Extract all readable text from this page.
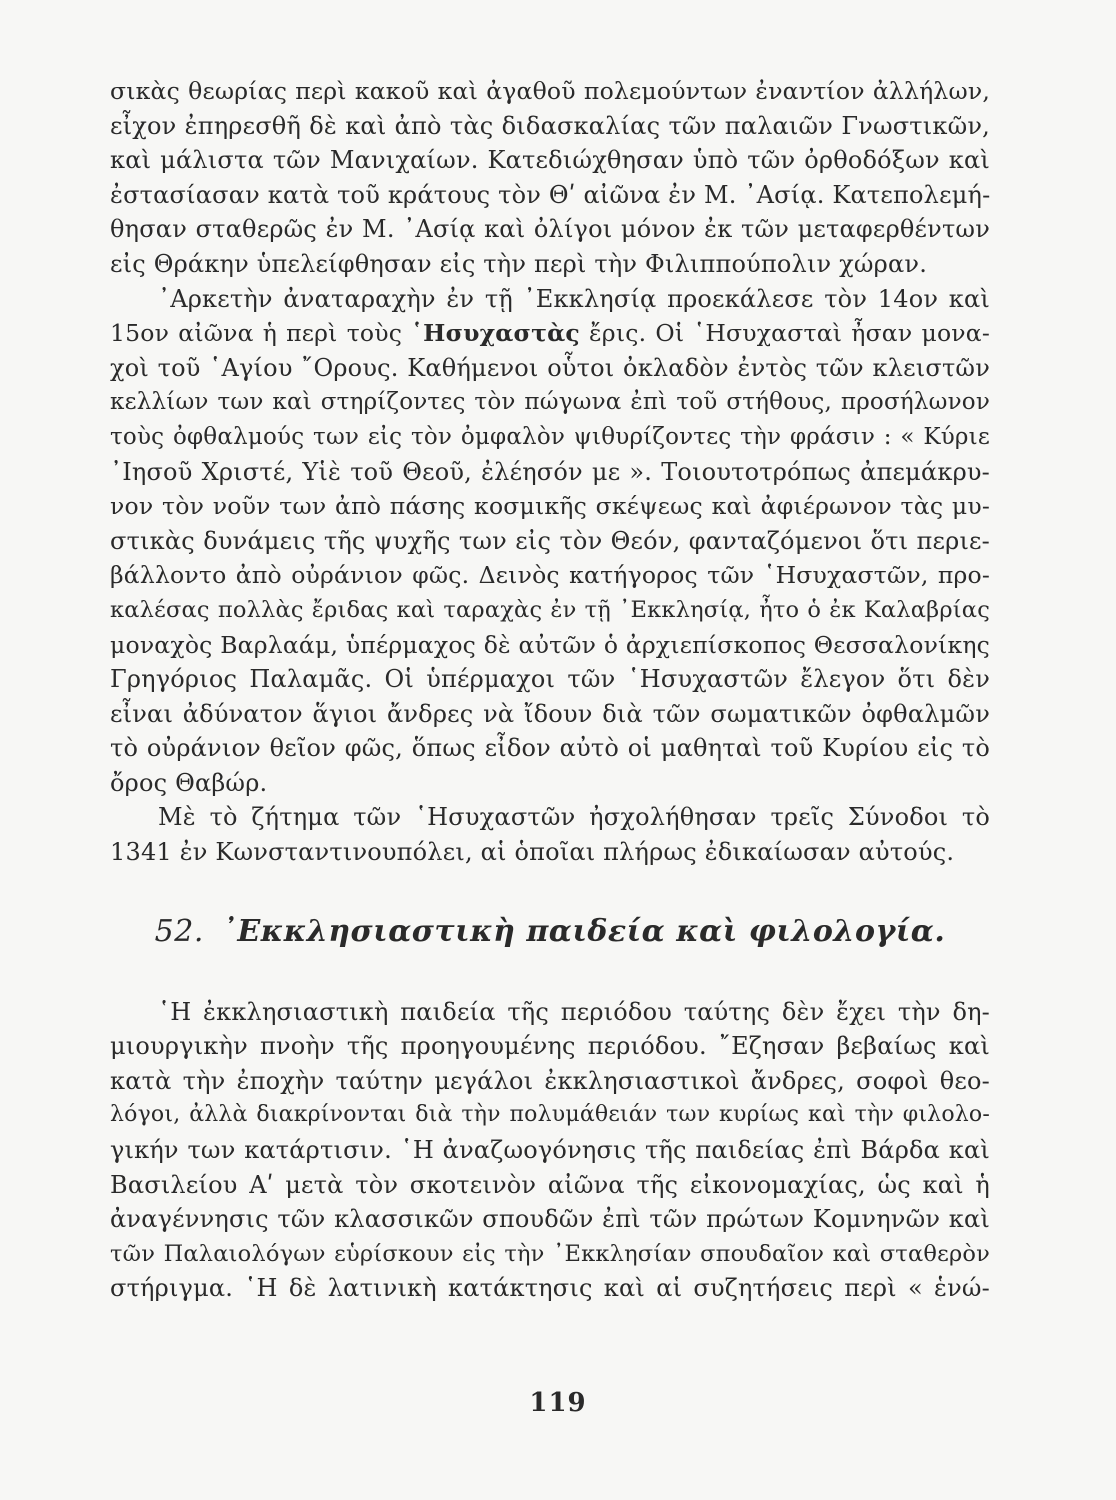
σικὰς θεωρίας περὶ κακοῦ καὶ ἀγαθοῦ πολεμούντων ἐναντίον ἀλλήλων,
εἶχον ἐπηρεσθῆ δὲ καὶ ἀπὸ τὰς διδασκαλίας τῶν παλαιῶν Γνωστικῶν,
καὶ μάλιστα τῶν Μανιχαίων. Κατεδιώχθησαν ὑπὸ τῶν ὀρθοδόξων καὶ
ἐστασίασαν κατὰ τοῦ κράτους τὸν Θʹ αἰῶνα ἐν Μ. ᾿Ασίᾳ. Κατεπολεμή-
θησαν σταθερῶς ἐν Μ. ᾿Ασίᾳ καὶ ὀλίγοι μόνον ἐκ τῶν μεταφερθέντων
εἰς Θράκην ὑπελείφθησαν εἰς τὴν περὶ τὴν Φιλιππούπολιν χώραν.
᾿Αρκετὴν ἀναταραχὴν ἐν τῇ ᾿Εκκλησίᾳ προεκάλεσε τὸν 14ον καὶ
15ον αἰῶνα ἡ περὶ τοὺς ῾Ησυχαστὰς ἔρις. Οἱ ῾Ησυχασταὶ ἦσαν μονα-
χοὶ τοῦ ῾Αγίου ῎Ορους. Καθήμενοι οὗτοι ὀκλαδὸν ἐντὸς τῶν κλειστῶν
κελλίων των καὶ στηρίζοντες τὸν πώγωνα ἐπὶ τοῦ στήθους, προσήλωνον
τοὺς ὀφθαλμούς των εἰς τὸν ὀμφαλὸν ψιθυρίζοντες τὴν φράσιν : « Κύριε
᾿Ιησοῦ Χριστέ, Υἱὲ τοῦ Θεοῦ, ἐλέησόν με ». Τοιουτοτρόπως ἀπεμάκρυ-
νον τὸν νοῦν των ἀπὸ πάσης κοσμικῆς σκέψεως καὶ ἀφιέρωνον τὰς μυ-
στικὰς δυνάμεις τῆς ψυχῆς των εἰς τὸν Θεόν, φανταζόμενοι ὅτι περιε-
βάλλοντο ἀπὸ οὐράνιον φῶς. Δεινὸς κατήγορος τῶν ῾Ησυχαστῶν, προ-
καλέσας πολλὰς ἔριδας καὶ ταραχὰς ἐν τῇ ᾿Εκκλησίᾳ, ἦτο ὁ ἐκ Καλαβρίας
μοναχὸς Βαρλαάμ, ὑπέρμαχος δὲ αὐτῶν ὁ ἀρχιεπίσκοπος Θεσσαλονίκης
Γρηγόριος Παλαμᾶς. Οἱ ὑπέρμαχοι τῶν ῾Ησυχαστῶν ἔλεγον ὅτι δὲν
εἶναι ἀδύνατον ἅγιοι ἄνδρες νὰ ἴδουν διὰ τῶν σωματικῶν ὀφθαλμῶν
τὸ οὐράνιον θεῖον φῶς, ὅπως εἶδον αὐτὸ οἱ μαθηταὶ τοῦ Κυρίου εἰς τὸ
ὄρος Θαβώρ.
Μὲ τὸ ζήτημα τῶν ῾Ησυχαστῶν ἠσχολήθησαν τρεῖς Σύνοδοι τὸ
1341 ἐν Κωνσταντινουπόλει, αἱ ὁποῖαι πλήρως ἐδικαίωσαν αὐτούς.
52. ᾿Εκκλησιαστικὴ παιδεία καὶ φιλολογία.
῾Η ἐκκλησιαστικὴ παιδεία τῆς περιόδου ταύτης δὲν ἔχει τὴν δη-
μιουργικὴν πνοὴν τῆς προηγουμένης περιόδου. ῎Εζησαν βεβαίως καὶ
κατὰ τὴν ἐποχὴν ταύτην μεγάλοι ἐκκλησιαστικοὶ ἄνδρες, σοφοὶ θεο-
λόγοι, ἀλλὰ διακρίνονται διὰ τὴν πολυμάθειάν των κυρίως καὶ τὴν φιλολο-
γικήν των κατάρτισιν. ῾Η ἀναζωογόνησις τῆς παιδείας ἐπὶ Βάρδα καὶ
Βασιλείου Αʹ μετὰ τὸν σκοτεινὸν αἰῶνα τῆς εἰκονομαχίας, ὡς καὶ ἡ
ἀναγέννησις τῶν κλασσικῶν σπουδῶν ἐπὶ τῶν πρώτων Κομνηνῶν καὶ
τῶν Παλαιολόγων εὑρίσκουν εἰς τὴν ᾿Εκκλησίαν σπουδαῖον καὶ σταθερὸν
στήριγμα. ῾Η δὲ λατινικὴ κατάκτησις καὶ αἱ συζητήσεις περὶ « ἑνώ-
119
